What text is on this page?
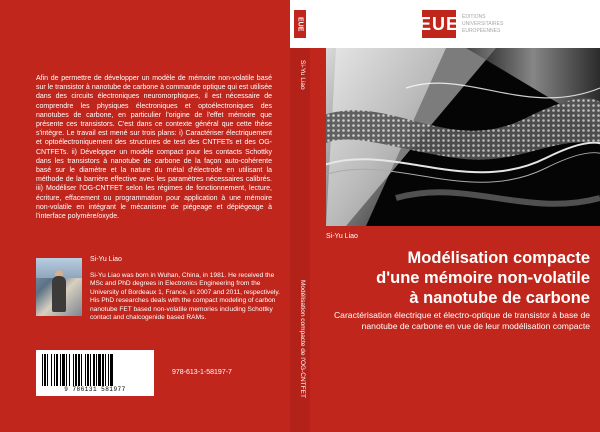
EUE	EUE ÉDITIONS
UNIVERSITAIRES
EUROPÉENNES
Afin de permettre de développer un modèle de mémoire non-volatile basé sur le transistor à nanotube de carbone à commande optique qui est utilisée dans des circuits électroniques neuromorphiques, il est nécessaire de comprendre les physiques électroniques et optoélectroniques des nanotubes de carbone, en particulier l'origine de l'effet mémoire que présente ces transistors. C'est dans ce contexte général que cette thèse s'intègre. Le travail est mené sur trois plans: i) Caractériser électriquement et optoélectroniquement des structures de test des CNTFETs et des OG-CNTFETs. ii) Développer un modèle compact pour les contacts Schottky dans les transistors à nanotube de carbone de la façon auto-cohérente basé sur le diamètre et la nature du métal d'électrode en utilisant la méthode de la barrière effective avec les paramètres nécessaires calibrés. iii) Modéliser l'OG-CNTFET selon les régimes de fonctionnement, lecture, écriture, effacement ou programmation pour application à une mémoire non-volatile en intégrant le mécanisme de piégeage et dépiégeage à l'interface polymère/oxyde.
Si-Yu Liao
Si-Yu Liao was born in Wuhan, China, in 1981. He received the MSc and PhD degrees in Electronics Engineering from the University of Bordeaux 1, France, in 2007 and 2011, respectively. His PhD researches deals with the compact modeling of carbon nanotube FET based non-volatile memories including Schottky contact and chalcogenide based RAMs.
9 786131 581977
978-613-1-58197-7
Si-Yu Liao
Modélisation compacte de l'OG-CNTFET
Si-Yu Liao
Modélisation compacte
d'une mémoire non-volatile
à nanotube de carbone
Caractérisation électrique et électro-optique de transistor à base de nanotube de carbone en vue de leur modélisation compacte
